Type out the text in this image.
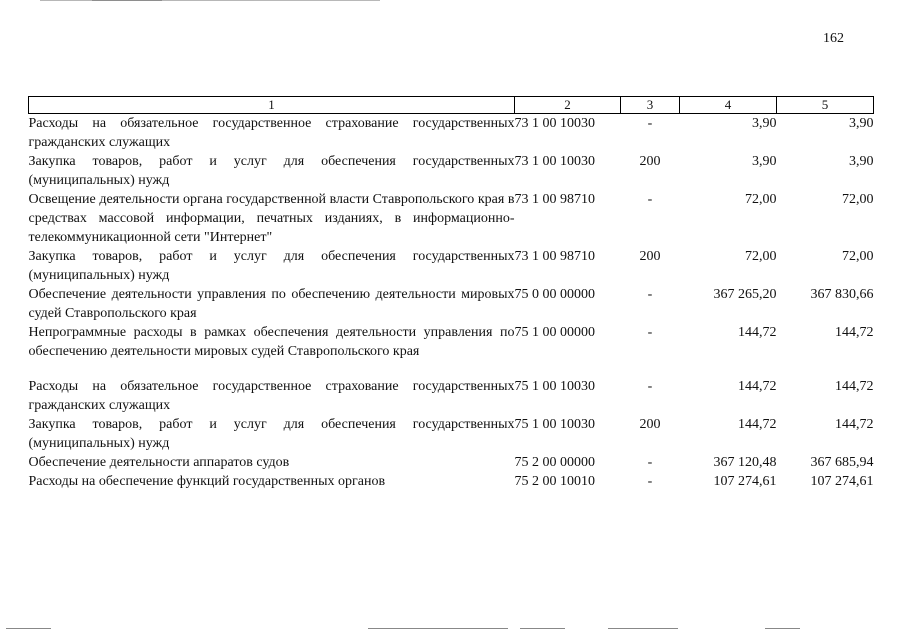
162
1	2	3	4	5
Расходы на обязательное государственное страхование государственных гражданских служащих	73 1 00 10030	-	3,90	3,90
Закупка товаров, работ и услуг для обеспечения государственных (муниципальных) нужд	73 1 00 10030	200	3,90	3,90
Освещение деятельности органа государственной власти Ставропольского края в средствах массовой информации, печатных изданиях, в информационно-телекоммуникационной сети "Интернет"	73 1 00 98710	-	72,00	72,00
Закупка товаров, работ и услуг для обеспечения государственных (муниципальных) нужд	73 1 00 98710	200	72,00	72,00
Обеспечение деятельности управления по обеспечению деятельности мировых судей Ставропольского края	75 0 00 00000	-	367 265,20	367 830,66
Непрограммные расходы в рамках обеспечения деятельности управления по обеспечению деятельности мировых судей Ставропольского края	75 1 00 00000	-	144,72	144,72

Расходы на обязательное государственное страхование государственных гражданских служащих	75 1 00 10030	-	144,72	144,72
Закупка товаров, работ и услуг для обеспечения государственных (муниципальных) нужд	75 1 00 10030	200	144,72	144,72
Обеспечение деятельности аппаратов судов	75 2 00 00000	-	367 120,48	367 685,94
Расходы на обеспечение функций государственных органов	75 2 00 10010	-	107 274,61	107 274,61
